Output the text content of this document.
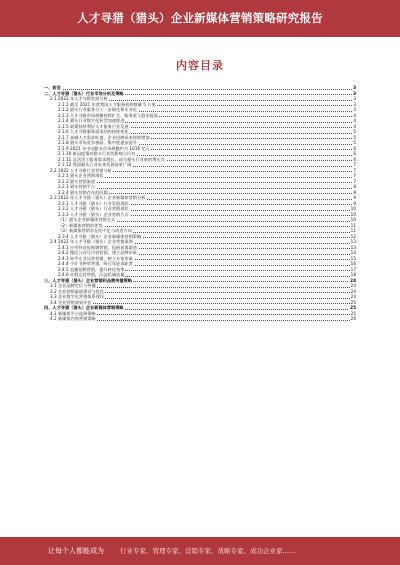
人才寻猎（猎头）企业新媒体营销策略研究报告
内容目录
一、前言	3
二、人才寻猎（猎头）行业市场分析及策略	3
2.1 2022 年人才寻猎发展分析	3
2.1.1 截至 2021 年底我国人才服务机构数量 5 万家	3
2.1.2 猎头行业服务分工一步细化和专业化	3
2.1.3 人才寻猎市场规模持续扩大，服务收入稳步提高	4
2.1.4 猎头行业数字化转型加速推进	4
2.1.5 政策持续利好人才服务行业发展	4
2.1.6 人才寻猎服务需求结构持续变化	5
2.1.7 高端人才需求旺盛，企业招聘成本持续增加	5
2.1.8 猎头市场竞争加剧，集中度逐步提升	5
2.1.9 2021 年中国猎头市场规模约为 1016 亿元	6
2.1.10 新冠疫情对猎头行业的影响与应对	6
2.1.11 灵活用工服务需求增长，成为猎头行业新的增长点	6
2.1.12 我国猎头行业未来发展前景广阔	7
2.2 2022 人才寻猎行业营销分析	7
2.2.1 猎头企业营销现状	7
2.2.2 猎头营销渠道	7
2.2.3 猎头营销平台	8
2.2.4 猎头营销存在的问题	8
2.3 2022 年人才寻猎（猎头）企业新媒体营销分析	9
2.3.1 人才寻猎（猎头）行业发展现状	9
2.3.2 人才寻猎（猎头）行业营销现状	10
2.3.3 人才寻猎（猎头）企业营销方式	10
（1）猎头企业新媒体营销方式	10
（2）新媒体营销的优势	11
（3）新媒体营销存在的不足与改进方向	11
2.3.4 人才寻猎（猎头）企业新媒体营销策略	12
2.4 2022 年人才寻猎（猎头）企业营销案例	13
2.4.1 应用抖音短视频营销，拓展获客渠道	13
2.4.2 微信公众号内容营销，建立品牌形象	14
2.4.3 知乎专业问答营销，树立专家形象	15
2.4.4 小红书种草营销，吸引年轻求职者	16
2.4.5 直播招聘营销，提升转化效率	17
2.4.6 社群运营营销，沉淀私域流量	18
三、人才寻猎（猎头）企业营销和品牌传播策略	24
3.1 企业品牌定位与传播	24
3.2 企业营销渠道建设与优化	24
3.3 企业数字化营销体系建设	24
3.4 企业营销效果评估	25
四、人才寻猎（猎头）企业新媒体营销策略	25
4.1 新媒体平台选择策略	25
4.2 新媒体内容营销策略	26
让每个人都能成为 行业专家、管理专家、营销专家、战略专家、成功企业家……
